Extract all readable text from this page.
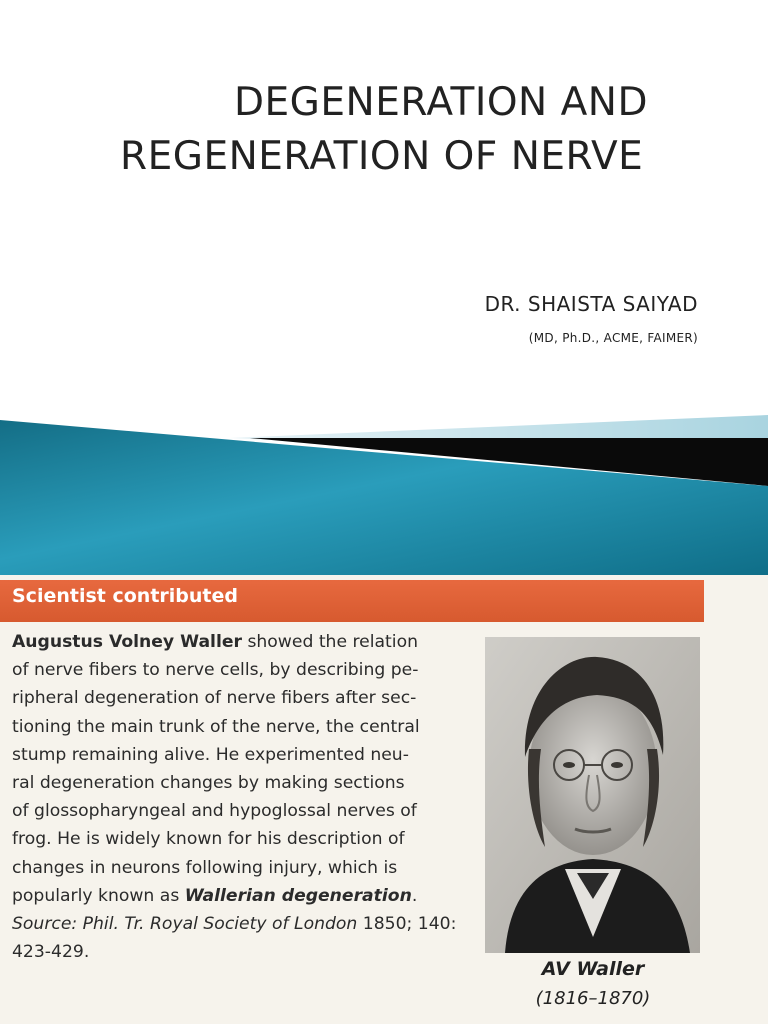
DEGENERATION AND
REGENERATION OF NERVE
DR. SHAISTA SAIYAD
(MD, Ph.D., ACME, FAIMER)
Scientist contributed
Augustus Volney Waller showed the relation
of nerve fibers to nerve cells, by describing pe-
ripheral degeneration of nerve fibers after sec-
tioning the main trunk of the nerve, the central
stump remaining alive. He experimented neu-
ral degeneration changes by making sections
of glossopharyngeal and hypoglossal nerves of
frog. He is widely known for his description of
changes in neurons following injury, which is
popularly known as Wallerian degeneration.
Source: Phil. Tr. Royal Society of London 1850; 140:
423-429.
AV Waller
(1816–1870)
